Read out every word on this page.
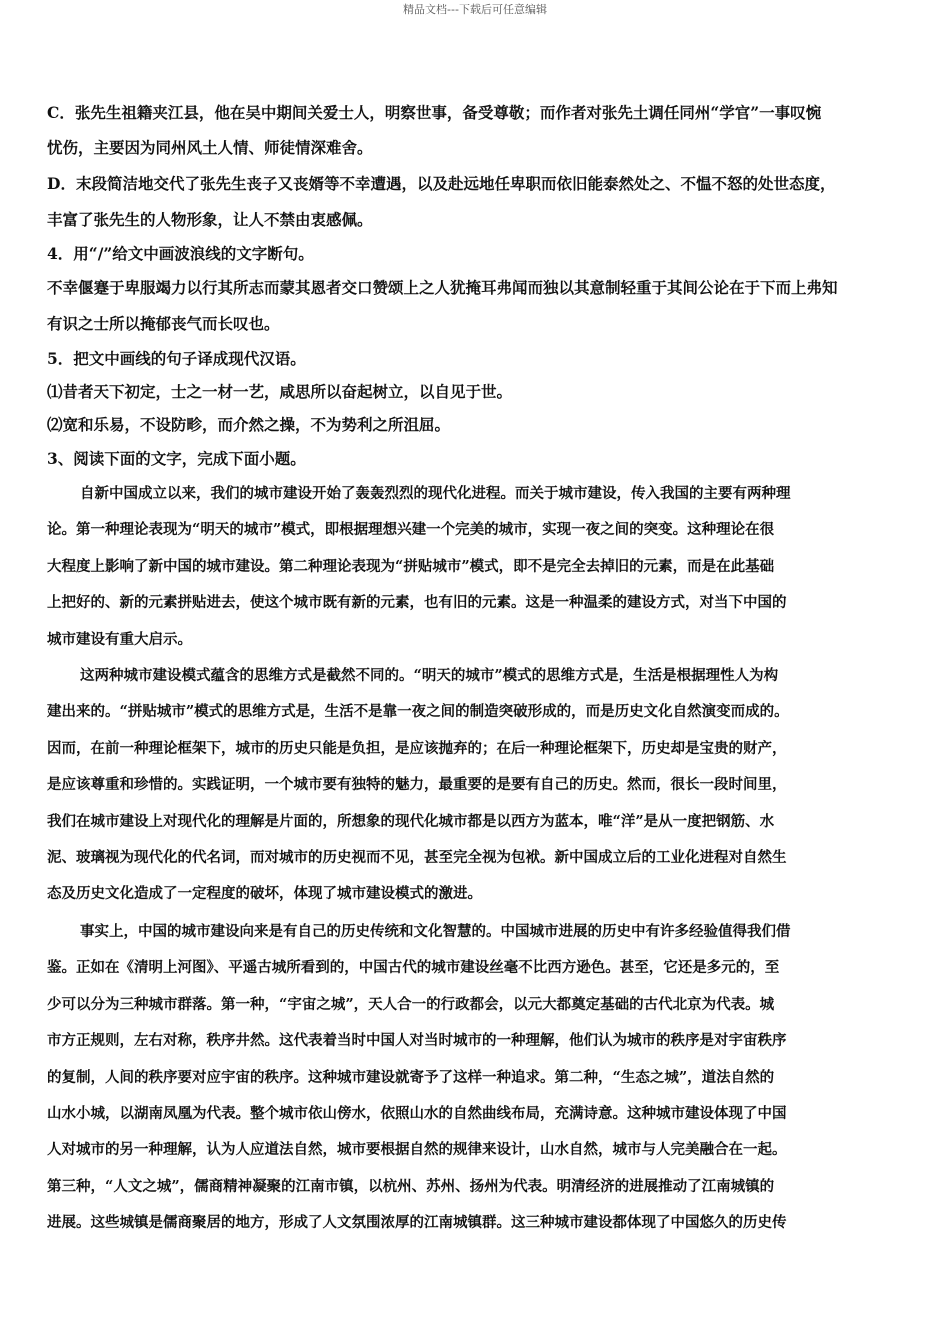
精品文档---下载后可任意编辑
C．张先生祖籍夹江县，他在吴中期间关爱士人，明察世事，备受尊敬；而作者对张先土调任同州“学官”一事叹惋
忧伤，主要因为同州风土人情、师徒情深难舍。
D．末段简洁地交代了张先生丧子又丧婿等不幸遭遇，以及赴远地任卑职而依旧能泰然处之、不愠不怒的处世态度，
丰富了张先生的人物形象，让人不禁由衷感佩。
4．用“/”给文中画波浪线的文字断句。
不幸偃蹇于卑服竭力以行其所志而蒙其恩者交口赞颂上之人犹掩耳弗闻而独以其意制轻重于其间公论在于下而上弗知
有识之士所以掩郁丧气而长叹也。
5．把文中画线的句子译成现代汉语。
⑴昔者天下初定，士之一材一艺，咸思所以奋起树立，以自见于世。
⑵宽和乐易，不设防畛，而介然之操，不为势利之所沮屈。
3、阅读下面的文字，完成下面小题。
自新中国成立以来，我们的城市建设开始了轰轰烈烈的现代化进程。而关于城市建设，传入我国的主要有两种理
论。第一种理论表现为“明天的城市”模式，即根据理想兴建一个完美的城市，实现一夜之间的突变。这种理论在很
大程度上影响了新中国的城市建设。第二种理论表现为“拼贴城市”模式，即不是完全去掉旧的元素，而是在此基础
上把好的、新的元素拼贴进去，使这个城市既有新的元素，也有旧的元素。这是一种温柔的建设方式，对当下中国的
城市建设有重大启示。
这两种城市建设模式蕴含的思维方式是截然不同的。“明天的城市”模式的思维方式是，生活是根据理性人为构
建出来的。“拼贴城市”模式的思维方式是，生活不是靠一夜之间的制造突破形成的，而是历史文化自然演变而成的。
因而，在前一种理论框架下，城市的历史只能是负担，是应该抛弃的；在后一种理论框架下，历史却是宝贵的财产，
是应该尊重和珍惜的。实践证明，一个城市要有独特的魅力，最重要的是要有自己的历史。然而，很长一段时间里，
我们在城市建设上对现代化的理解是片面的，所想象的现代化城市都是以西方为蓝本，唯“洋”是从一度把钢筋、水
泥、玻璃视为现代化的代名词，而对城市的历史视而不见，甚至完全视为包袱。新中国成立后的工业化进程对自然生
态及历史文化造成了一定程度的破坏，体现了城市建设模式的激进。
事实上，中国的城市建设向来是有自己的历史传统和文化智慧的。中国城市进展的历史中有许多经验值得我们借
鉴。正如在《清明上河图》、平遥古城所看到的，中国古代的城市建设丝毫不比西方逊色。甚至，它还是多元的，至
少可以分为三种城市群落。第一种，“宇宙之城”，天人合一的行政都会，以元大都奠定基础的古代北京为代表。城
市方正规则，左右对称，秩序井然。这代表着当时中国人对当时城市的一种理解，他们认为城市的秩序是对宇宙秩序
的复制，人间的秩序要对应宇宙的秩序。这种城市建设就寄予了这样一种追求。第二种，“生态之城”，道法自然的
山水小城，以湖南凤凰为代表。整个城市依山傍水，依照山水的自然曲线布局，充满诗意。这种城市建设体现了中国
人对城市的另一种理解，认为人应道法自然，城市要根据自然的规律来设计，山水自然，城市与人完美融合在一起。
第三种，“人文之城”，儒商精神凝聚的江南市镇，以杭州、苏州、扬州为代表。明清经济的进展推动了江南城镇的
进展。这些城镇是儒商聚居的地方，形成了人文氛围浓厚的江南城镇群。这三种城市建设都体现了中国悠久的历史传
